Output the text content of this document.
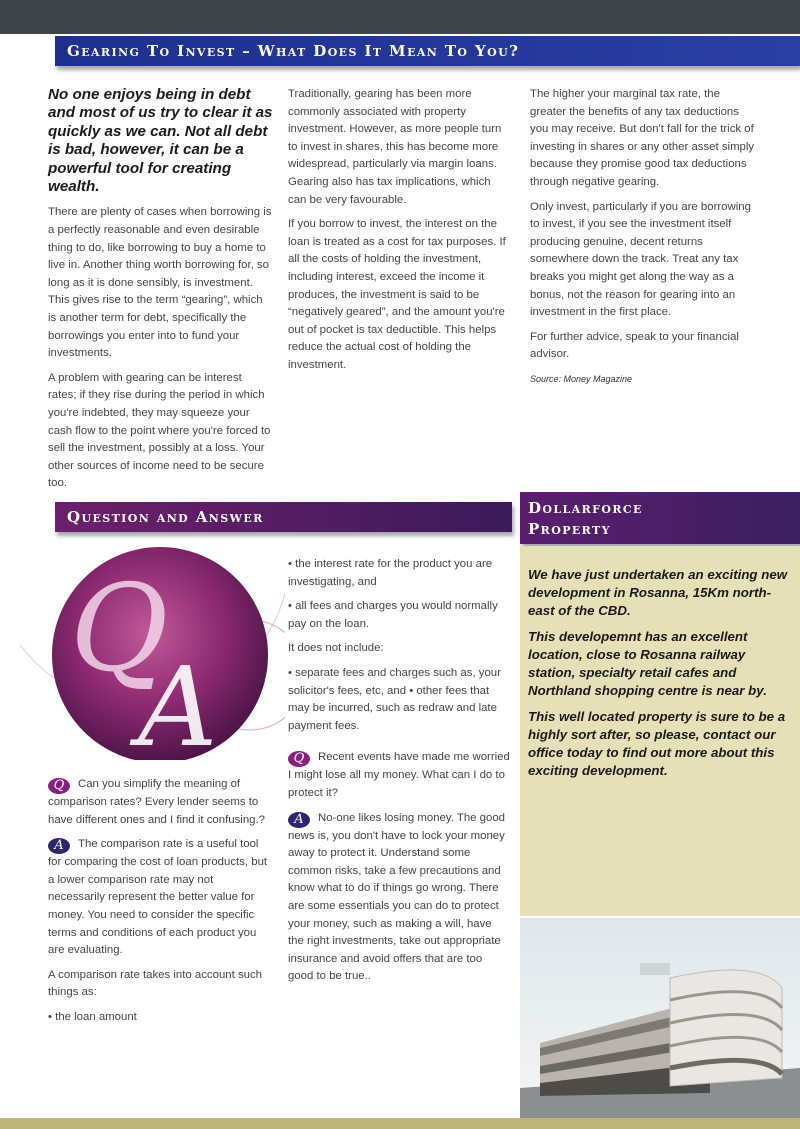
Gearing To Invest – What Does It Mean To You?

No one enjoys being in debt and most of us try to clear it as quickly as we can. Not all debt is bad, however, it can be a powerful tool for creating wealth.

There are plenty of cases when borrowing is a perfectly reasonable and even desirable thing to do, like borrowing to buy a home to live in. Another thing worth borrowing for, so long as it is done sensibly, is investment. This gives rise to the term “gearing”, which is another term for debt, specifically the borrowings you enter into to fund your investments.

A problem with gearing can be interest rates; if they rise during the period in which you're indebted, they may squeeze your cash flow to the point where you're forced to sell the investment, possibly at a loss. Your other sources of income need to be secure too.

Traditionally, gearing has been more commonly associated with property investment. However, as more people turn to invest in shares, this has become more widespread, particularly via margin loans. Gearing also has tax implications, which can be very favourable.

If you borrow to invest, the interest on the loan is treated as a cost for tax purposes. If all the costs of holding the investment, including interest, exceed the income it produces, the investment is said to be “negatively geared”, and the amount you're out of pocket is tax deductible. This helps reduce the actual cost of holding the investment.

The higher your marginal tax rate, the greater the benefits of any tax deductions you may receive. But don't fall for the trick of investing in shares or any other asset simply because they promise good tax deductions through negative gearing.

Only invest, particularly if you are borrowing to invest, if you see the investment itself producing genuine, decent returns somewhere down the track. Treat any tax breaks you might get along the way as a bonus, not the reason for gearing into an investment in the first place.

For further advice, speak to your financial advisor.

Source: Money Magazine

Question and Answer
Q
A

Q Can you simplify the meaning of comparison rates? Every lender seems to have different ones and I find it confusing.?

A The comparison rate is a useful tool for comparing the cost of loan products, but a lower comparison rate may not necessarily represent the better value for money. You need to consider the specific terms and conditions of each product you are evaluating.

A comparison rate takes into account such things as:

• the loan amount

• the interest rate for the product you are investigating, and

• all fees and charges you would normally pay on the loan.

It does not include:

• separate fees and charges such as, your solicitor's fees, etc, and • other fees that may be incurred, such as redraw and late payment fees.

Q Recent events have made me worried I might lose all my money. What can I do to protect it?

A No-one likes losing money. The good news is, you don't have to lock your money away to protect it. Understand some common risks, take a few precautions and know what to do if things go wrong. There are some essentials you can do to protect your money, such as making a will, have the right investments, take out appropriate insurance and avoid offers that are too good to be true..

Dollarforce
Property

We have just undertaken an exciting new development in Rosanna, 15Km north-east of the CBD.

This developemnt has an excellent location, close to Rosanna railway station, specialty retail cafes and Northland shopping centre is near by.

This well located property is sure to be a highly sort after, so please, contact our office today to find out more about this exciting development.
